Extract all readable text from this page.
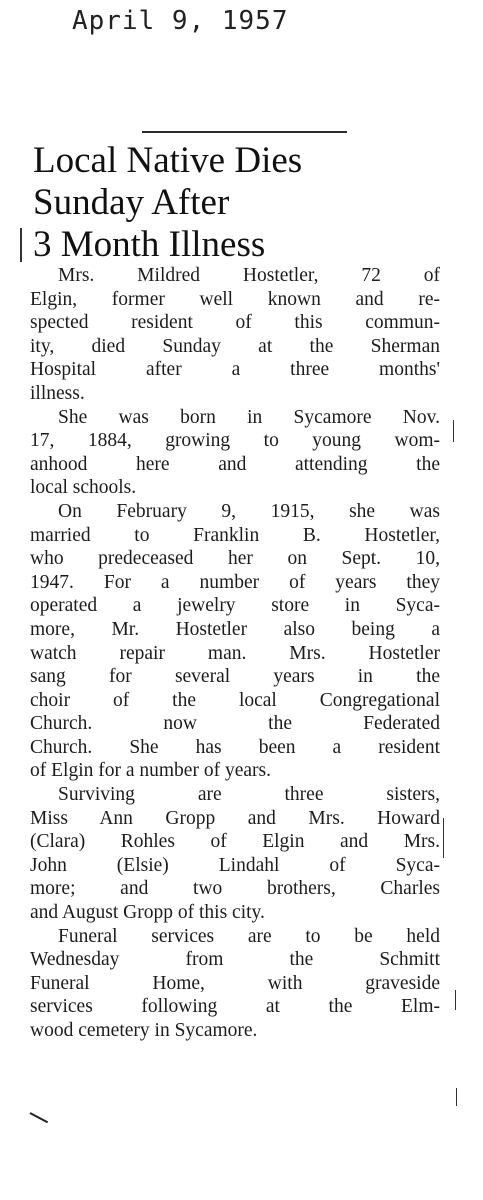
April 9, 1957
Local Native Dies
Sunday After
3 Month Illness
Mrs. Mildred Hostetler, 72 of
Elgin, former well known and re-
spected resident of this commun-
ity, died Sunday at the Sherman
Hospital after a three months'
illness.
She was born in Sycamore Nov.
17, 1884, growing to young wom-
anhood here and attending the
local schools.
On February 9, 1915, she was
married to Franklin B. Hostetler,
who predeceased her on Sept. 10,
1947. For a number of years they
operated a jewelry store in Syca-
more, Mr. Hostetler also being a
watch repair man. Mrs. Hostetler
sang for several years in the
choir of the local Congregational
Church. now the Federated
Church. She has been a resident
of Elgin for a number of years.
Surviving are three sisters,
Miss Ann Gropp and Mrs. Howard
(Clara) Rohles of Elgin and Mrs.
John (Elsie) Lindahl of Syca-
more; and two brothers, Charles
and August Gropp of this city.
Funeral services are to be held
Wednesday from the Schmitt
Funeral Home, with graveside
services following at the Elm-
wood cemetery in Sycamore.
